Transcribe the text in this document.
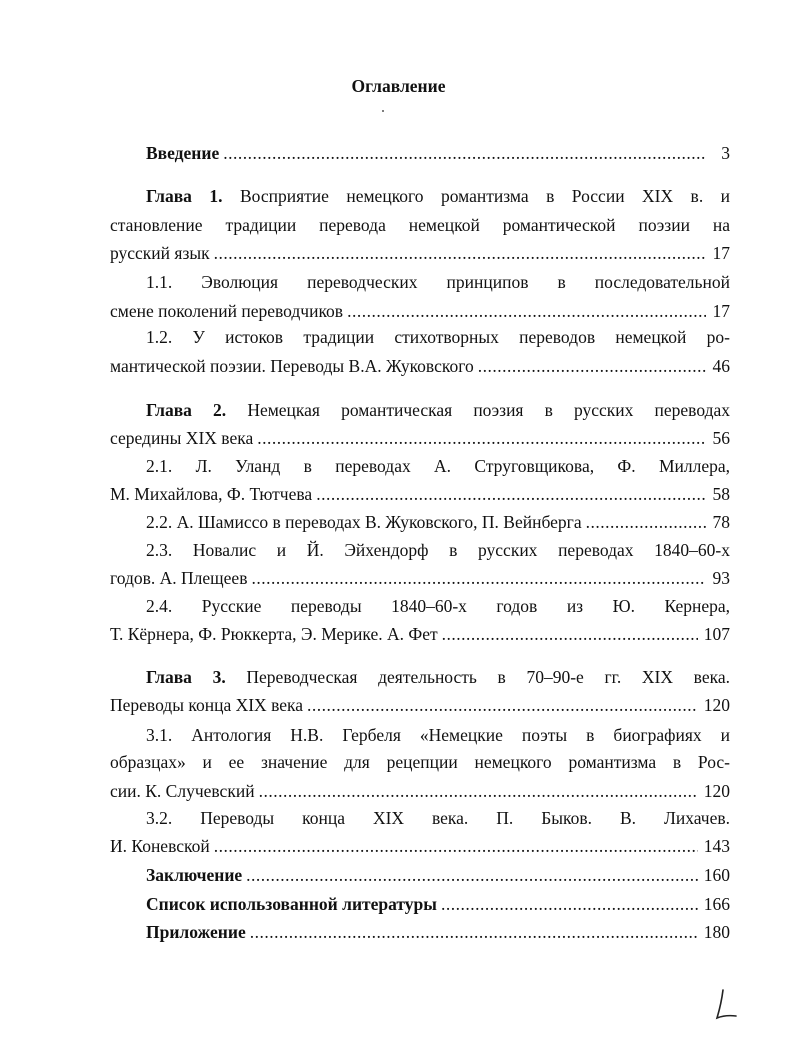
Оглавление
Введение .....	3
Глава 1. Восприятие немецкого романтизма в России XIX в. и
становление традиции перевода немецкой романтической поэзии на
русский язык .....	17
1.1. Эволюция переводческих принципов в последовательной
смене поколений переводчиков .....	17
1.2. У истоков традиции стихотворных переводов немецкой ро-
мантической поэзии. Переводы В.А. Жуковского .....	46
Глава 2. Немецкая романтическая поэзия в русских переводах
середины XIX века .....	56
2.1. Л. Уланд в переводах А. Струговщикова, Ф. Миллера,
М. Михайлова, Ф. Тютчева .....	58
2.2. А. Шамиссо в переводах В. Жуковского, П. Вейнберга .....	78
2.3. Новалис и Й. Эйхендорф в русских переводах 1840–60-х
годов. А. Плещеев .....	93
2.4. Русские переводы 1840–60-х годов из Ю. Кернера,
Т. Кёрнера, Ф. Рюккерта, Э. Мерике. А. Фет .....	107
Глава 3. Переводческая деятельность в 70–90-е гг. XIX века.
Переводы конца XIX века .....	120
3.1. Антология Н.В. Гербеля «Немецкие поэты в биографиях и
образцах» и ее значение для рецепции немецкого романтизма в Рос-
сии. К. Случевский .....	120
3.2. Переводы конца XIX века. П. Быков. В. Лихачев.
И. Коневской .....	143
Заключение .....	160
Список использованной литературы .....	166
Приложение .....	180
